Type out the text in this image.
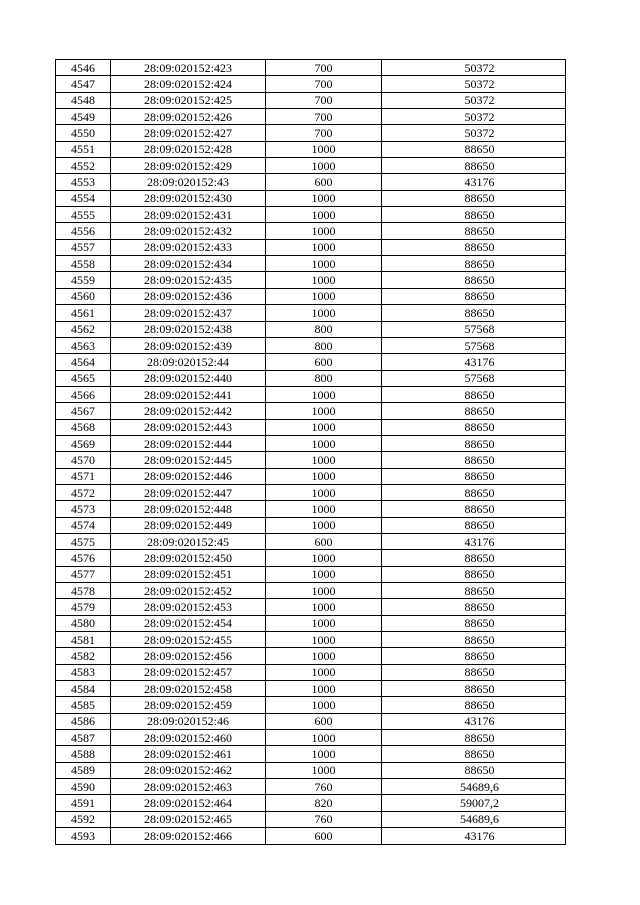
4546	28:09:020152:423	700	50372
4547	28:09:020152:424	700	50372
4548	28:09:020152:425	700	50372
4549	28:09:020152:426	700	50372
4550	28:09:020152:427	700	50372
4551	28:09:020152:428	1000	88650
4552	28:09:020152:429	1000	88650
4553	28:09:020152:43	600	43176
4554	28:09:020152:430	1000	88650
4555	28:09:020152:431	1000	88650
4556	28:09:020152:432	1000	88650
4557	28:09:020152:433	1000	88650
4558	28:09:020152:434	1000	88650
4559	28:09:020152:435	1000	88650
4560	28:09:020152:436	1000	88650
4561	28:09:020152:437	1000	88650
4562	28:09:020152:438	800	57568
4563	28:09:020152:439	800	57568
4564	28:09:020152:44	600	43176
4565	28:09:020152:440	800	57568
4566	28:09:020152:441	1000	88650
4567	28:09:020152:442	1000	88650
4568	28:09:020152:443	1000	88650
4569	28:09:020152:444	1000	88650
4570	28:09:020152:445	1000	88650
4571	28:09:020152:446	1000	88650
4572	28:09:020152:447	1000	88650
4573	28:09:020152:448	1000	88650
4574	28:09:020152:449	1000	88650
4575	28:09:020152:45	600	43176
4576	28:09:020152:450	1000	88650
4577	28:09:020152:451	1000	88650
4578	28:09:020152:452	1000	88650
4579	28:09:020152:453	1000	88650
4580	28:09:020152:454	1000	88650
4581	28:09:020152:455	1000	88650
4582	28:09:020152:456	1000	88650
4583	28:09:020152:457	1000	88650
4584	28:09:020152:458	1000	88650
4585	28:09:020152:459	1000	88650
4586	28:09:020152:46	600	43176
4587	28:09:020152:460	1000	88650
4588	28:09:020152:461	1000	88650
4589	28:09:020152:462	1000	88650
4590	28:09:020152:463	760	54689,6
4591	28:09:020152:464	820	59007,2
4592	28:09:020152:465	760	54689,6
4593	28:09:020152:466	600	43176
